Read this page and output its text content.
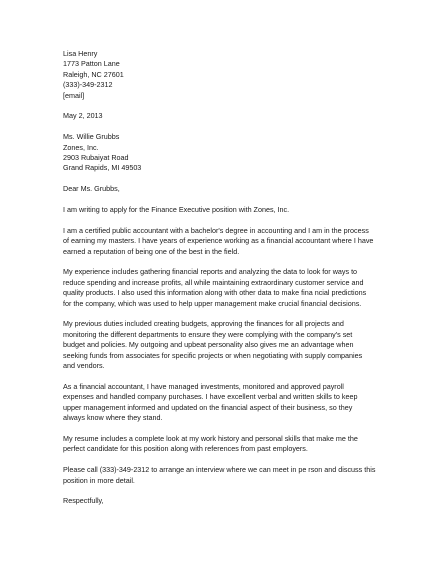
Lisa Henry
1773 Patton Lane
Raleigh, NC 27601
(333)-349-2312
[email]
May 2, 2013
Ms. Willie Grubbs
Zones, Inc.
2903 Rubaiyat Road
Grand Rapids, MI 49503
Dear Ms. Grubbs,
I am writing to apply for the Finance Executive position with Zones, Inc.
I am a certified public accountant with a bachelor's degree in accounting and I am in the process
of earning my masters. I have years of experience working as a financial accountant where I have
earned a reputation of being one of the best in the field.
My experience includes gathering financial reports and analyzing the data to look for ways to
reduce spending and increase profits, all while maintaining extraordinary customer service and
quality products. I also used this information along with other data to make fina ncial predictions
for the company, which was used to help upper management make crucial financial decisions.
My previous duties included creating budgets, approving the finances for all projects and
monitoring the different departments to ensure they were complying with the company's set
budget and policies. My outgoing and upbeat personality also gives me an advantage when
seeking funds from associates for specific projects or when negotiating with supply companies
and vendors.
As a financial accountant, I have managed investments, monitored and approved payroll
expenses and handled company purchases. I have excellent verbal and written skills to keep
upper management informed and updated on the financial aspect of their business, so they
always know where they stand.
My resume includes a complete look at my work history and personal skills that make me the
perfect candidate for this position along with references from past employers.
Please call (333)-349-2312 to arrange an interview where we can meet in pe rson and discuss this
position in more detail.
Respectfully,
